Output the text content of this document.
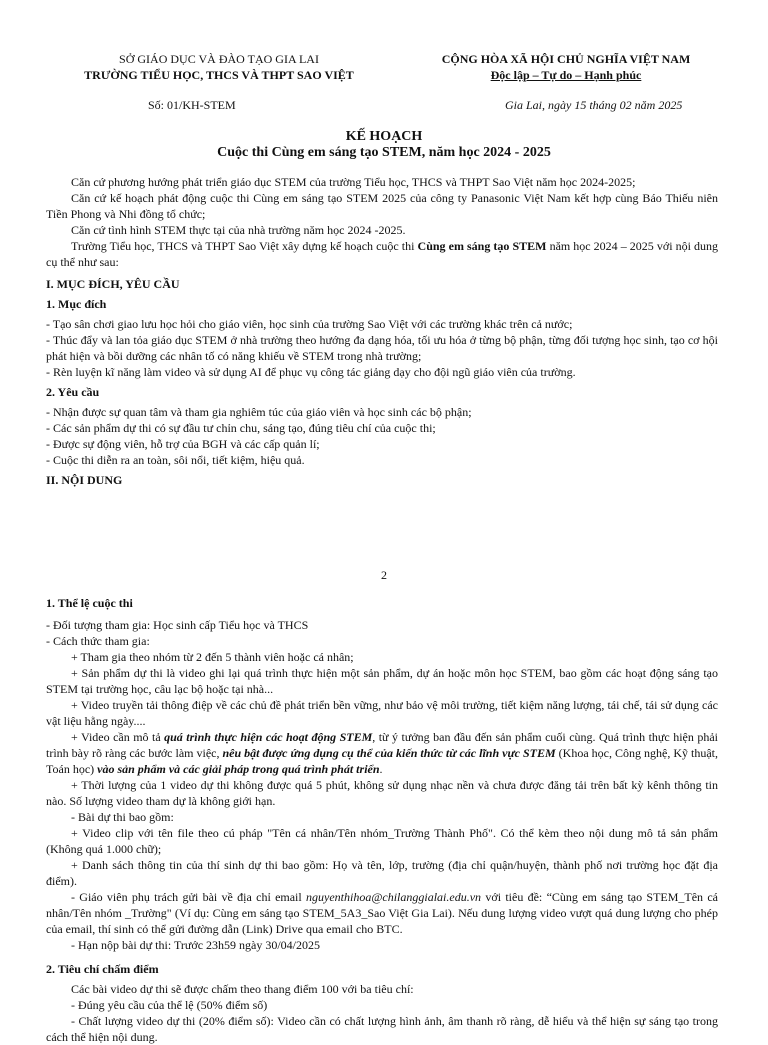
SỞ GIÁO DỤC VÀ ĐÀO TẠO GIA LAI
TRƯỜNG TIỂU HỌC, THCS VÀ THPT SAO VIỆT
CỘNG HÒA XÃ HỘI CHỦ NGHĨA VIỆT NAM
Độc lập – Tự do – Hạnh phúc
Số: 01/KH-STEM	Gia Lai, ngày 15 tháng 02 năm 2025
KẾ HOẠCH
Cuộc thi Cùng em sáng tạo STEM, năm học 2024 - 2025

Căn cứ phương hướng phát triển giáo dục STEM của trường Tiểu học, THCS và THPT Sao Việt năm học 2024-2025;

Căn cứ kế hoạch phát động cuộc thi Cùng em sáng tạo STEM 2025 của công ty Panasonic Việt Nam kết hợp cùng Báo Thiếu niên Tiền Phong và Nhi đồng tổ chức;

Căn cứ tình hình STEM thực tại của nhà trường năm học 2024 -2025.

Trường Tiểu học, THCS và THPT Sao Việt xây dựng kế hoạch cuộc thi Cùng em sáng tạo STEM năm học 2024 – 2025 với nội dung cụ thể như sau:

I. MỤC ĐÍCH, YÊU CẦU

1. Mục đích

- Tạo sân chơi giao lưu học hỏi cho giáo viên, học sinh của trường Sao Việt với các trường khác trên cả nước;

- Thúc đẩy và lan tỏa giáo dục STEM ở nhà trường theo hướng đa dạng hóa, tối ưu hóa ở từng bộ phận, từng đối tượng học sinh, tạo cơ hội phát hiện và bồi dưỡng các nhân tố có năng khiếu về STEM trong nhà trường;

- Rèn luyện kĩ năng làm video và sử dụng AI để phục vụ công tác giảng dạy cho đội ngũ giáo viên của trường.

2. Yêu cầu

- Nhận được sự quan tâm và tham gia nghiêm túc của giáo viên và học sinh các bộ phận;

- Các sản phẩm dự thi có sự đầu tư chỉn chu, sáng tạo, đúng tiêu chí của cuộc thi;

- Được sự động viên, hỗ trợ của BGH và các cấp quản lí;

- Cuộc thi diễn ra an toàn, sôi nổi, tiết kiệm, hiệu quả.

II. NỘI DUNG

2

1. Thể lệ cuộc thi

- Đối tượng tham gia: Học sinh cấp Tiểu học và THCS

- Cách thức tham gia:

+ Tham gia theo nhóm từ 2 đến 5 thành viên hoặc cá nhân;

+ Sản phẩm dự thi là video ghi lại quá trình thực hiện một sản phẩm, dự án hoặc môn học STEM, bao gồm các hoạt động sáng tạo STEM tại trường học, câu lạc bộ hoặc tại nhà...

+ Video truyền tải thông điệp về các chủ đề phát triển bền vững, như bảo vệ môi trường, tiết kiệm năng lượng, tái chế, tái sử dụng các vật liệu hằng ngày....

+ Video cần mô tả quá trình thực hiện các hoạt động STEM, từ ý tưởng ban đầu đến sản phẩm cuối cùng. Quá trình thực hiện phải trình bày rõ ràng các bước làm việc, nêu bật được ứng dụng cụ thể của kiến thức từ các lĩnh vực STEM (Khoa học, Công nghệ, Kỹ thuật, Toán học) vào sản phẩm và các giải pháp trong quá trình phát triển.

+ Thời lượng của 1 video dự thi không được quá 5 phút, không sử dụng nhạc nền và chưa được đăng tải trên bất kỳ kênh thông tin nào. Số lượng video tham dự là không giới hạn.

- Bài dự thi bao gồm:

+ Video clip với tên file theo cú pháp "Tên cá nhân/Tên nhóm_Trường Thành Phố". Có thể kèm theo nội dung mô tả sản phẩm (Không quá 1.000 chữ);

+ Danh sách thông tin của thí sinh dự thi bao gồm: Họ và tên, lớp, trường (địa chỉ quận/huyện, thành phố nơi trường học đặt địa điểm).

- Giáo viên phụ trách gửi bài về địa chỉ email nguyenthihoa@chilanggialai.edu.vn với tiêu đề: “Cùng em sáng tạo STEM_Tên cá nhân/Tên nhóm _Trường" (Ví dụ: Cùng em sáng tạo STEM_5A3_Sao Việt Gia Lai). Nếu dung lượng video vượt quá dung lượng cho phép của email, thí sinh có thể gửi đường dẫn (Link) Drive qua email cho BTC.

- Hạn nộp bài dự thi: Trước 23h59 ngày 30/04/2025

2. Tiêu chí chấm điểm

Các bài video dự thi sẽ được chấm theo thang điểm 100 với ba tiêu chí:

- Đúng yêu cầu của thể lệ (50% điểm số)

- Chất lượng video dự thi (20% điểm số): Video cần có chất lượng hình ảnh, âm thanh rõ ràng, dễ hiểu và thể hiện sự sáng tạo trong cách thể hiện nội dung.
